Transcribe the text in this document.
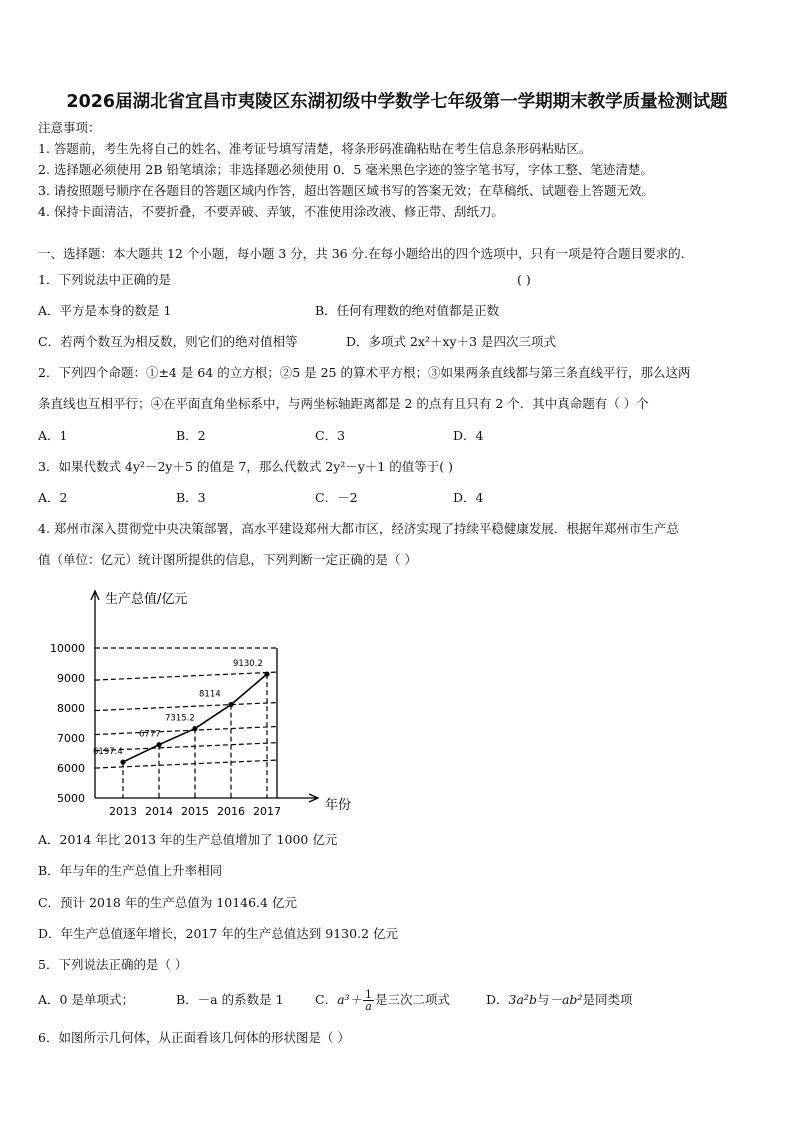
2026届湖北省宜昌市夷陵区东湖初级中学数学七年级第一学期期末教学质量检测试题
注意事项：
1. 答题前，考生先将自己的姓名、准考证号填写清楚，将条形码准确粘贴在考生信息条形码粘贴区。
2. 选择题必须使用 2B 铅笔填涂；非选择题必须使用 0．5 毫米黑色字迹的签字笔书写，字体工整、笔迹清楚。
3. 请按照题号顺序在各题目的答题区域内作答，超出答题区域书写的答案无效；在草稿纸、试题卷上答题无效。
4. 保持卡面清洁，不要折叠，不要弄破、弄皱，不准使用涂改液、修正带、刮纸刀。
一、选择题：本大题共 12 个小题，每小题 3 分，共 36 分.在每小题给出的四个选项中，只有一项是符合题目要求的.
1．下列说法中正确的是	( )
A．平方是本身的数是 1	B．任何有理数的绝对值都是正数
C．若两个数互为相反数，则它们的绝对值相等	D．多项式 2x²＋xy＋3 是四次三项式
2．下列四个命题：①±4 是 64 的立方根；②5 是 25 的算术平方根；③如果两条直线都与第三条直线平行，那么这两
条直线也互相平行；④在平面直角坐标系中，与两坐标轴距离都是 2 的点有且只有 2 个．其中真命题有（ ）个
A．1	B．2	C．3	D．4
3．如果代数式 4y²－2y＋5 的值是 7，那么代数式 2y²－y＋1 的值等于( )
A．2	B．3	C．－2	D．4
4. 郑州市深入贯彻党中央决策部署，高水平建设郑州大都市区，经济实现了持续平稳健康发展．根据年郑州市生产总
值（单位：亿元）统计图所提供的信息，下列判断一定正确的是（ ）
5000
6000
7000
8000
9000
10000
2013 2014 2015 2016 2017
生产总值/亿元
年份
6197.4
6777
7315.2
8114
9130.2
A．2014 年比 2013 年的生产总值增加了 1000 亿元
B．年与年的生产总值上升率相同
C．预计 2018 年的生产总值为 10146.4 亿元
D．年生产总值逐年增长，2017 年的生产总值达到 9130.2 亿元
5．下列说法正确的是（ ）
A．0 是单项式；	B．－a 的系数是 1	C．$a^3+ \frac{1}{a}$ 是三次二项式	D．3a²b与－ab²是同类项
6．如图所示几何体，从正面看该几何体的形状图是（ ）
